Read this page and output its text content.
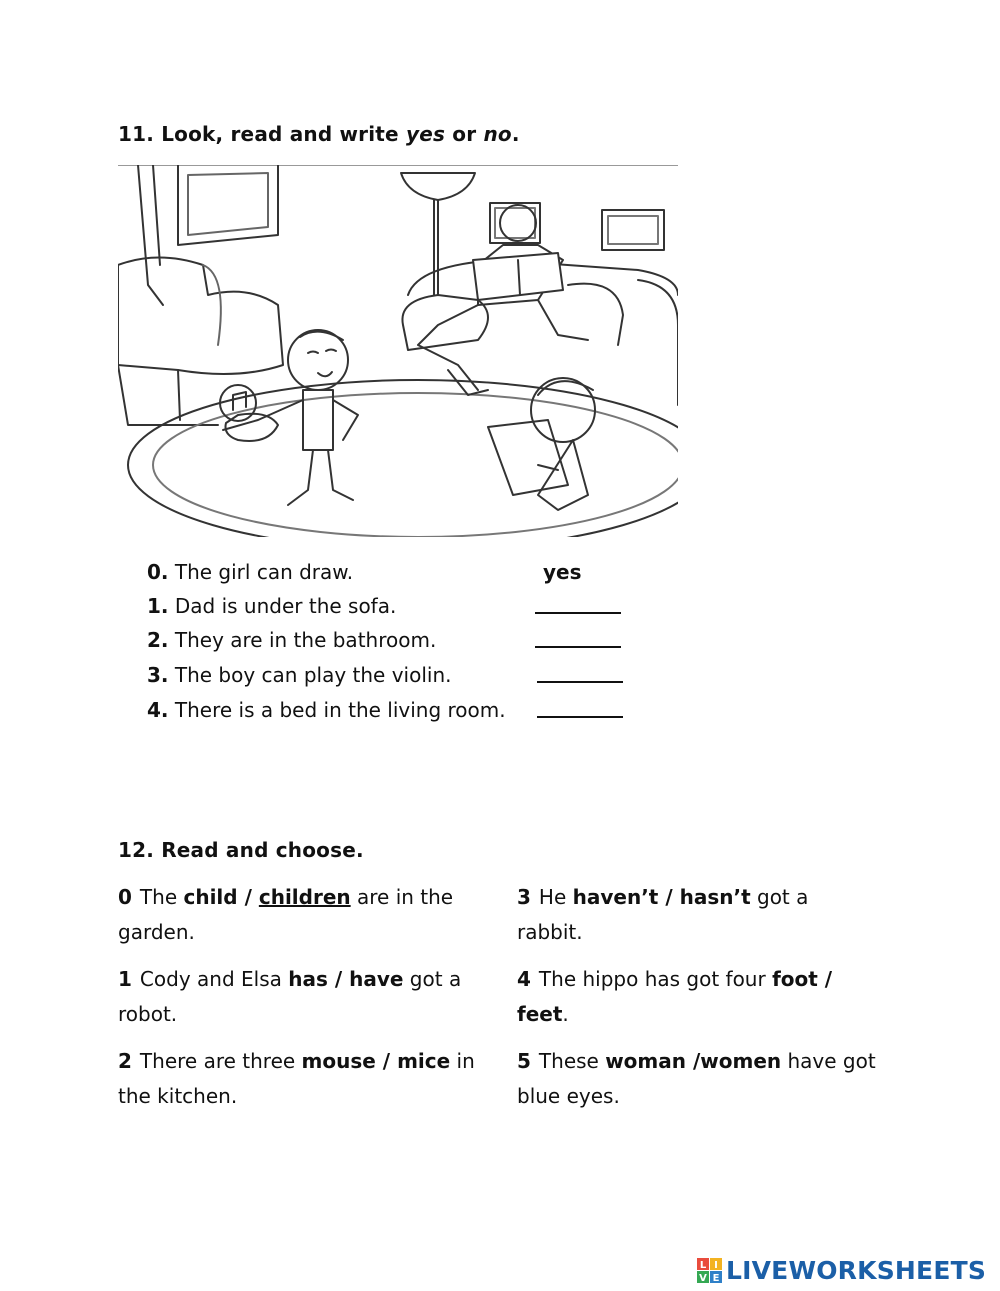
11. Look, read and write yes or no.
0. The girl can draw.	yes
1. Dad is under the sofa.
2. They are in the bathroom.
3. The boy can play the violin.
4. There is a bed in the living room.
12. Read and choose.
0 The child / children are in the garden.
1 Cody and Elsa has / have got a robot.
2 There are three mouse / mice in the kitchen.
3 He haven’t / hasn’t got a rabbit.
4 The hippo has got four foot / feet.
5 These woman /women have got blue eyes.
L I
V E LIVEWORKSHEETS
